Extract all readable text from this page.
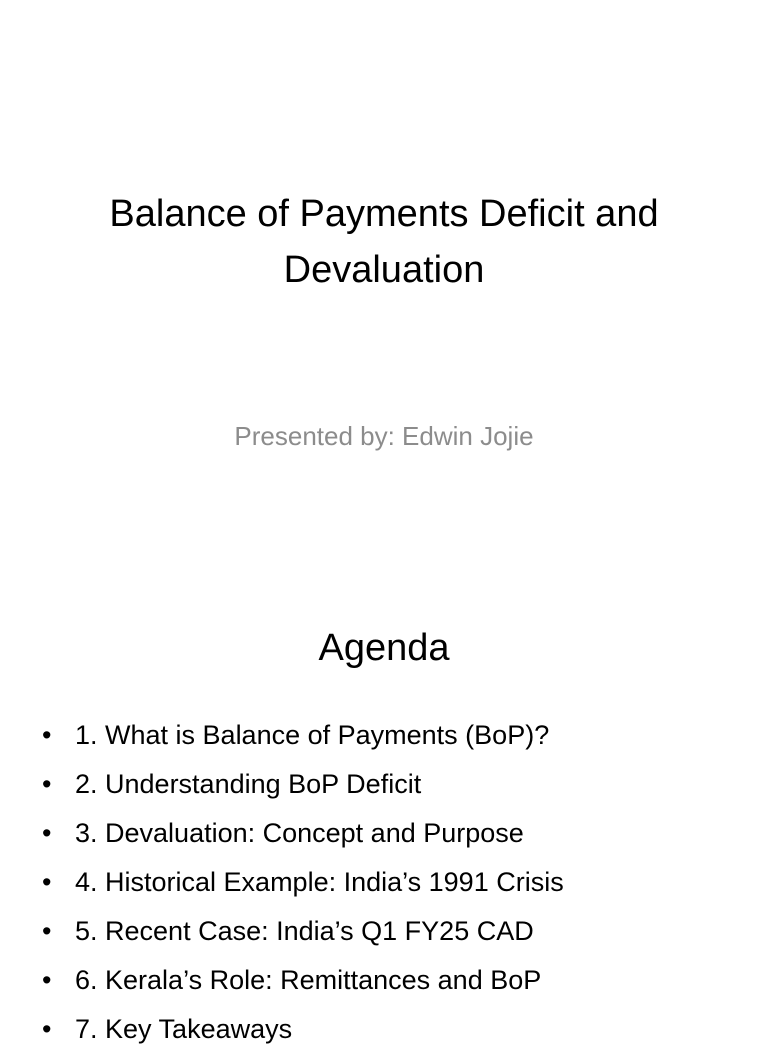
Balance of Payments Deficit and
Devaluation

Presented by: Edwin Jojie

Agenda
• 1. What is Balance of Payments (BoP)?
• 2. Understanding BoP Deficit
• 3. Devaluation: Concept and Purpose
• 4. Historical Example: India’s 1991 Crisis
• 5. Recent Case: India’s Q1 FY25 CAD
• 6. Kerala’s Role: Remittances and BoP
• 7. Key Takeaways
